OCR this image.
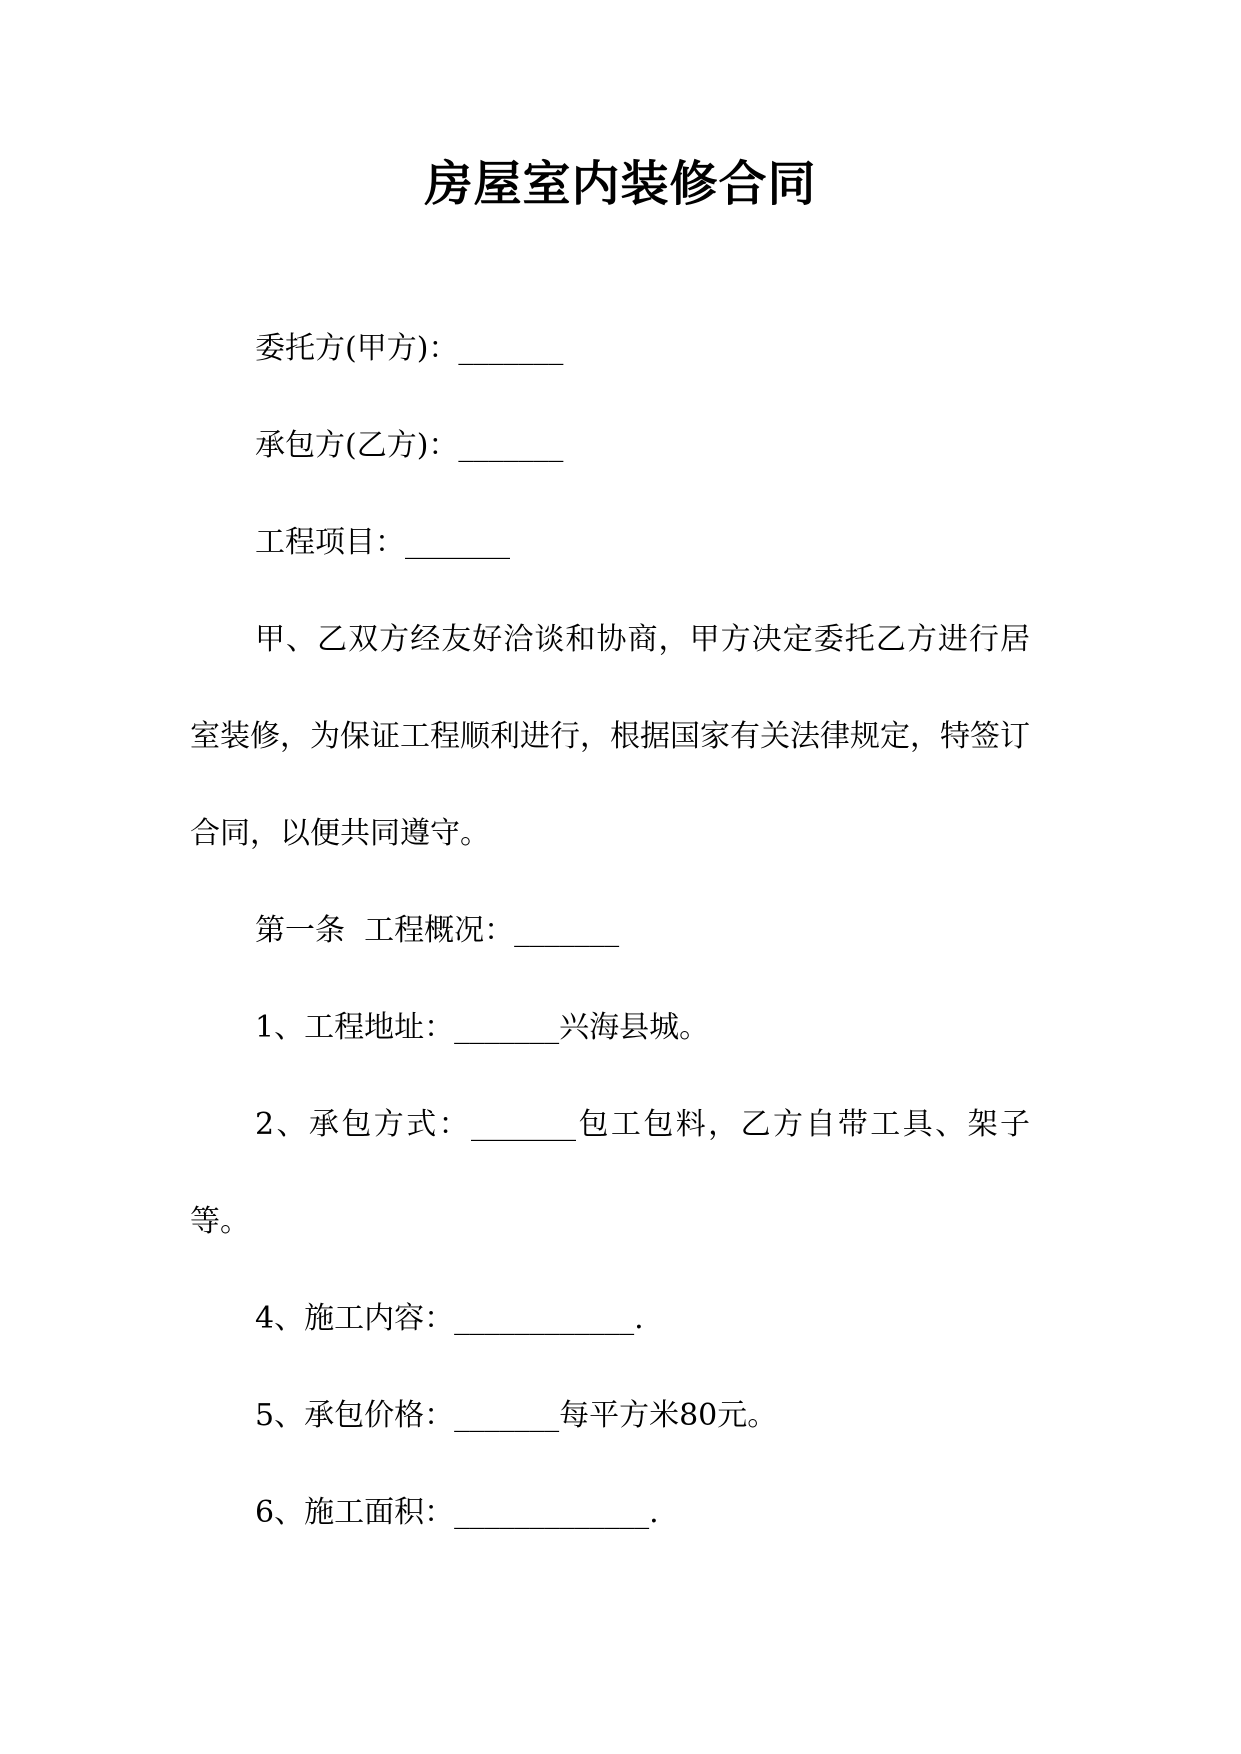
房屋室内装修合同

委托方(甲方)：_______

承包方(乙方)：_______

工程项目：_______

甲、乙双方经友好洽谈和协商，甲方决定委托乙方进行居室装修，为保证工程顺利进行，根据国家有关法律规定，特签订合同，以便共同遵守。

第一条  工程概况：_______

1、工程地址：_______兴海县城。

2、承包方式：_______包工包料，乙方自带工具、架子等。

4、施工内容：____________.

5、承包价格：_______每平方米80元。

6、施工面积：_____________.
